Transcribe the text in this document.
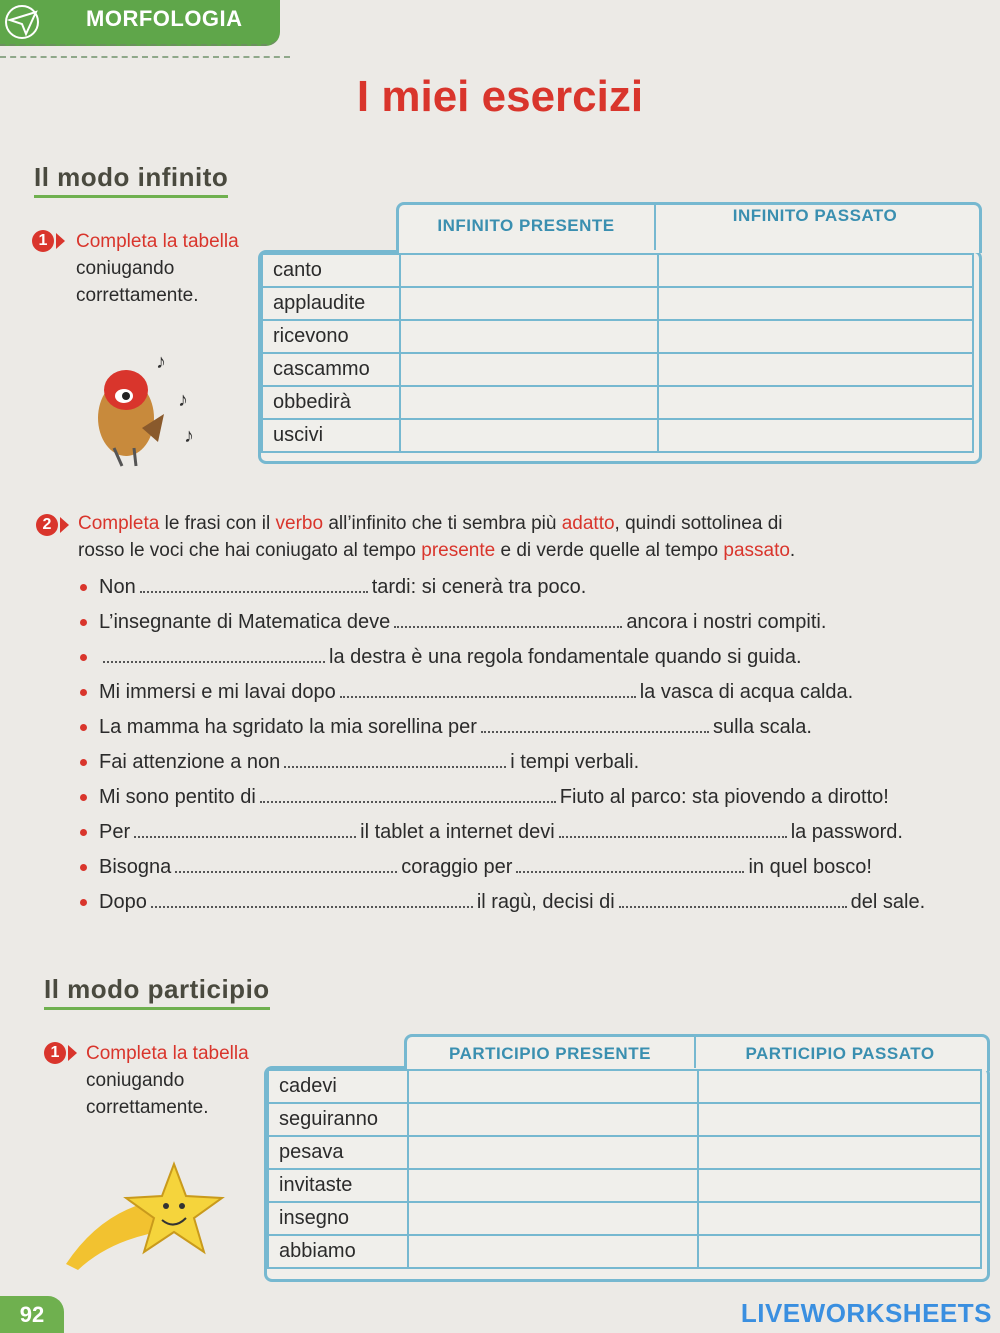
MORFOLOGIA
I miei esercizi
Il modo infinito
1	Completa la tabella
coniugando correttamente.
♪
♪
♪
INFINITO PRESENTE
INFINITO PASSATO
canto		
applaudite		
ricevono		
cascammo		
obbedirà		
uscivi		
2	Completa le frasi con il verbo all’infinito che ti sembra più adatto, quindi sottolinea di
rosso le voci che hai coniugato al tempo presente e di verde quelle al tempo passato.
Non	tardi: si cenerà tra poco.
L’insegnante di Matematica deve	ancora i nostri compiti.
la destra è una regola fondamentale quando si guida.
Mi immersi e mi lavai dopo	la vasca di acqua calda.
La mamma ha sgridato la mia sorellina per	sulla scala.
Fai attenzione a non	i tempi verbali.
Mi sono pentito di	Fiuto al parco: sta piovendo a dirotto!
Per	il tablet a internet devi	la password.
Bisogna	coraggio per	in quel bosco!
Dopo	il ragù, decisi di	del sale.
Il modo participio
1	Completa la tabella
coniugando correttamente.
PARTICIPIO PRESENTE	PARTICIPIO PASSATO
cadevi		
seguiranno		
pesava		
invitaste		
insegno		
abbiamo		
92	LIVEWORKSHEETS
